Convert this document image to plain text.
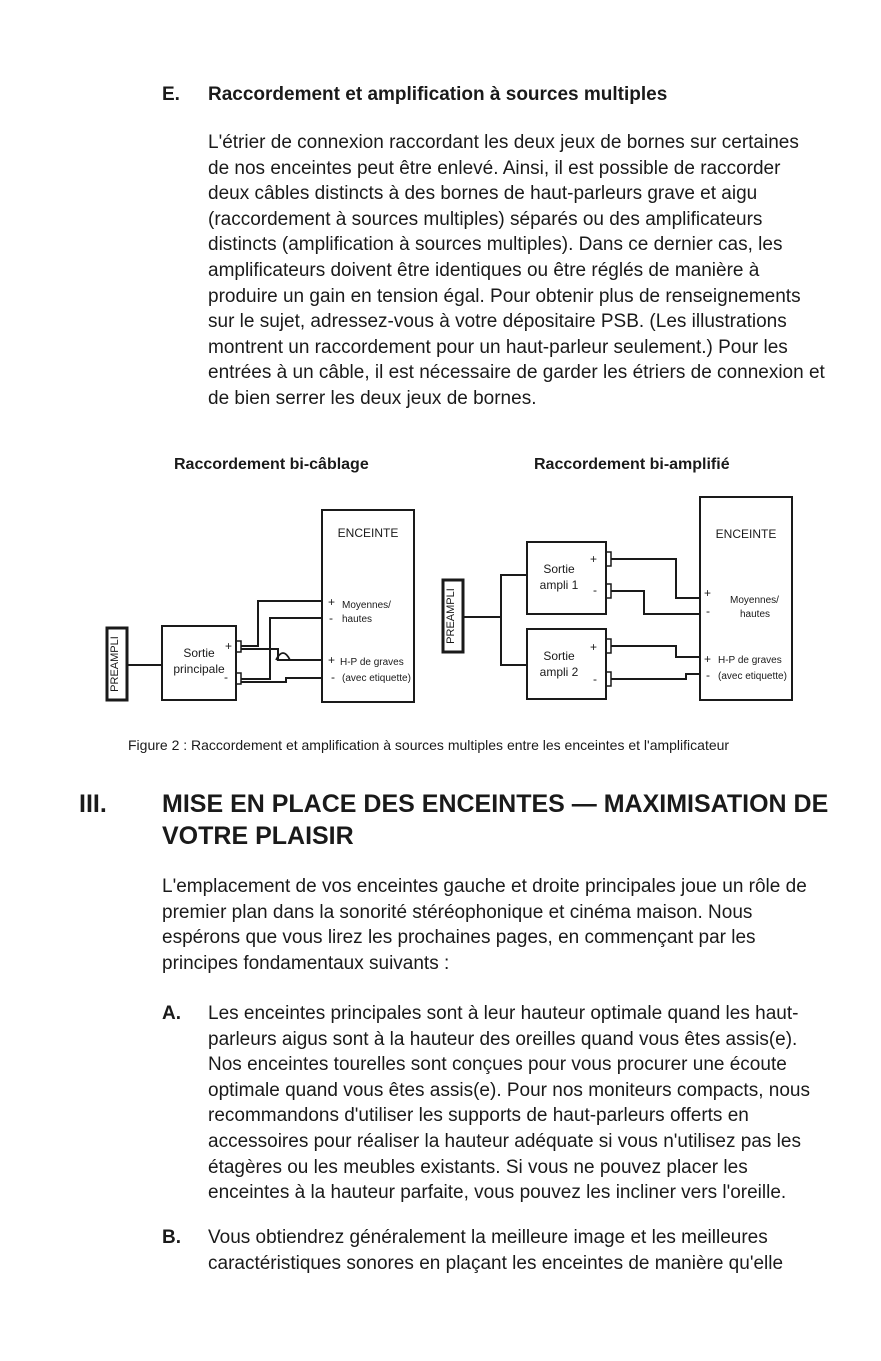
E. Raccordement et amplification à sources multiples
L'étrier de connexion raccordant les deux jeux de bornes sur certaines
de nos enceintes peut être enlevé. Ainsi, il est possible de raccorder
deux câbles distincts à des bornes de haut-parleurs grave et aigu
(raccordement à sources multiples) séparés ou des amplificateurs
distincts (amplification à sources multiples). Dans ce dernier cas, les
amplificateurs doivent être identiques ou être réglés de manière à
produire un gain en tension égal. Pour obtenir plus de renseignements
sur le sujet, adressez-vous à votre dépositaire PSB. (Les illustrations
montrent un raccordement pour un haut-parleur seulement.) Pour les
entrées à un câble, il est nécessaire de garder les étriers de connexion et
de bien serrer les deux jeux de bornes.
Raccordement bi-câblage	Raccordement bi-amplifié
PREAMPLI	Sortie
principale
+
-
ENCEINTE
+ Moyennes/
- hautes
+ H-P de graves
- (avec etiquette)
PREAMPLI
Sortie
ampli 1
+
-
Sortie
ampli 2
+
-
ENCEINTE
+
Moyennes/
-	hautes
+ H-P de graves
- (avec etiquette)
Figure 2 : Raccordement et amplification à sources multiples entre les enceintes et l'amplificateur
III. MISE EN PLACE DES ENCEINTES — MAXIMISATION DE
VOTRE PLAISIR
L'emplacement de vos enceintes gauche et droite principales joue un rôle de
premier plan dans la sonorité stéréophonique et cinéma maison. Nous
espérons que vous lirez les prochaines pages, en commençant par les
principes fondamentaux suivants :
A. Les enceintes principales sont à leur hauteur optimale quand les haut-
parleurs aigus sont à la hauteur des oreilles quand vous êtes assis(e).
Nos enceintes tourelles sont conçues pour vous procurer une écoute
optimale quand vous êtes assis(e). Pour nos moniteurs compacts, nous
recommandons d'utiliser les supports de haut-parleurs offerts en
accessoires pour réaliser la hauteur adéquate si vous n'utilisez pas les
étagères ou les meubles existants. Si vous ne pouvez placer les
enceintes à la hauteur parfaite, vous pouvez les incliner vers l'oreille.
B. Vous obtiendrez généralement la meilleure image et les meilleures
caractéristiques sonores en plaçant les enceintes de manière qu'elle
